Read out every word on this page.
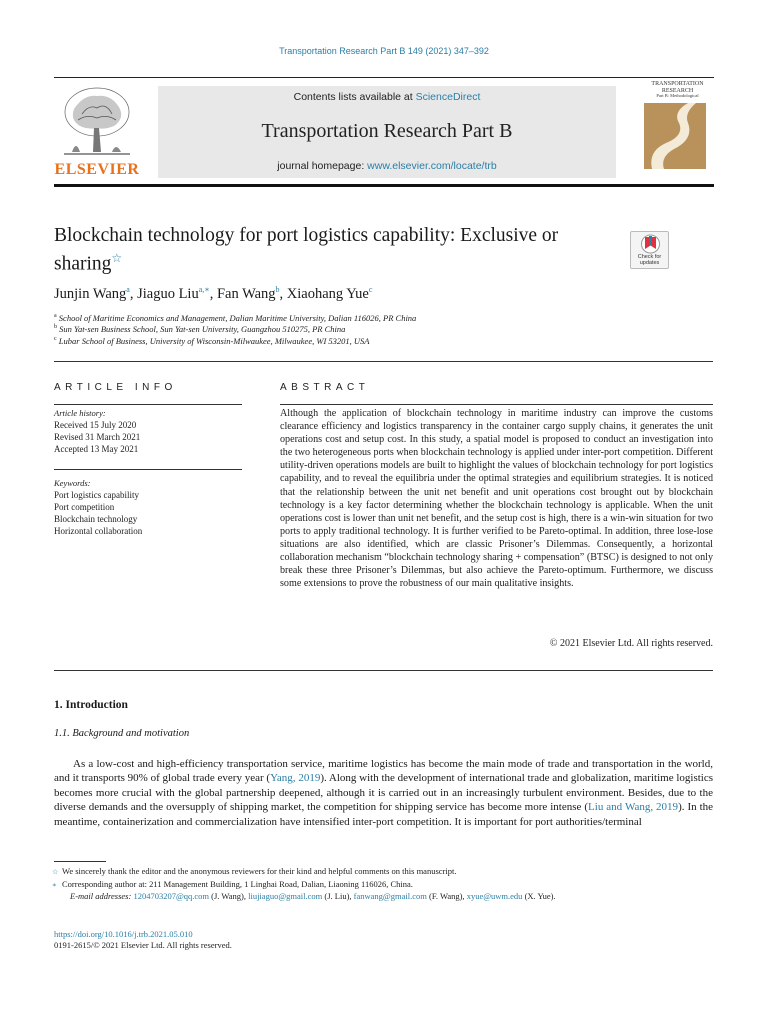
Transportation Research Part B 149 (2021) 347–392
ELSEVIER
Contents lists available at ScienceDirect
Transportation Research Part B
journal homepage: www.elsevier.com/locate/trb
TRANSPORTATION RESEARCH
Part B: Methodological
Blockchain technology for port logistics capability: Exclusive or sharing☆	Check for updates
Junjin Wang$^a$, Jiaguo Liu$^{a,∗}$, Fan Wang$^b$, Xiaohang Yue$^c$
$^a$ School of Maritime Economics and Management, Dalian Maritime University, Dalian 116026, PR China
$^b$ Sun Yat-sen Business School, Sun Yat-sen University, Guangzhou 510275, PR China
$^c$ Lubar School of Business, University of Wisconsin-Milwaukee, Milwaukee, WI 53201, USA
ARTICLE INFO	ABSTRACT
Article history:
Received 15 July 2020
Revised 31 March 2021
Accepted 13 May 2021
Keywords:
Port logistics capability
Port competition
Blockchain technology
Horizontal collaboration
Although the application of blockchain technology in maritime industry can improve the customs clearance efficiency and logistics transparency in the container cargo supply chains, it generates the unit operations cost and setup cost. In this study, a spatial model is proposed to conduct an investigation into the two heterogeneous ports when blockchain technology is applied under inter-port competition. Different utility-driven operations models are built to highlight the values of blockchain technology for port logistics capability, and to reveal the equilibria under the optimal strategies and equilibrium strategies. It is noticed that the relationship between the unit net benefit and unit operations cost brought out by blockchain technology is a key factor determining whether the blockchain technology is applicable. When the unit operations cost is lower than unit net benefit, and the setup cost is high, there is a win-win situation for two ports to apply traditional technology. It is further verified to be Pareto-optimal. In addition, three lose-lose situations are also identified, which are classic Prisoner’s Dilemmas. Consequently, a horizontal collaboration mechanism “blockchain technology sharing + compensation” (BTSC) is designed to not only break these three Prisoner’s Dilemmas, but also achieve the Pareto-optimum. Furthermore, we discuss some extensions to prove the robustness of our main qualitative insights.
© 2021 Elsevier Ltd. All rights reserved.
1. Introduction
1.1. Background and motivation
As a low-cost and high-efficiency transportation service, maritime logistics has become the main mode of trade and transportation in the world, and it transports 90% of global trade every year (Yang, 2019). Along with the development of international trade and globalization, maritime logistics becomes more crucial with the global partnership deepened, although it is carried out in an increasingly turbulent environment. Besides, due to the diverse demands and the oversupply of shipping market, the competition for shipping service has become more intense (Liu and Wang, 2019). In the meantime, containerization and commercialization have intensified inter-port competition. It is important for port authorities/terminal
☆ We sincerely thank the editor and the anonymous reviewers for their kind and helpful comments on this manuscript.
∗ Corresponding author at: 211 Management Building, 1 Linghai Road, Dalian, Liaoning 116026, China.
E-mail addresses: 1204703207@qq.com (J. Wang), liujiaguo@gmail.com (J. Liu), fanwang@gmail.com (F. Wang), xyue@uwm.edu (X. Yue).
https://doi.org/10.1016/j.trb.2021.05.010
0191-2615/© 2021 Elsevier Ltd. All rights reserved.
